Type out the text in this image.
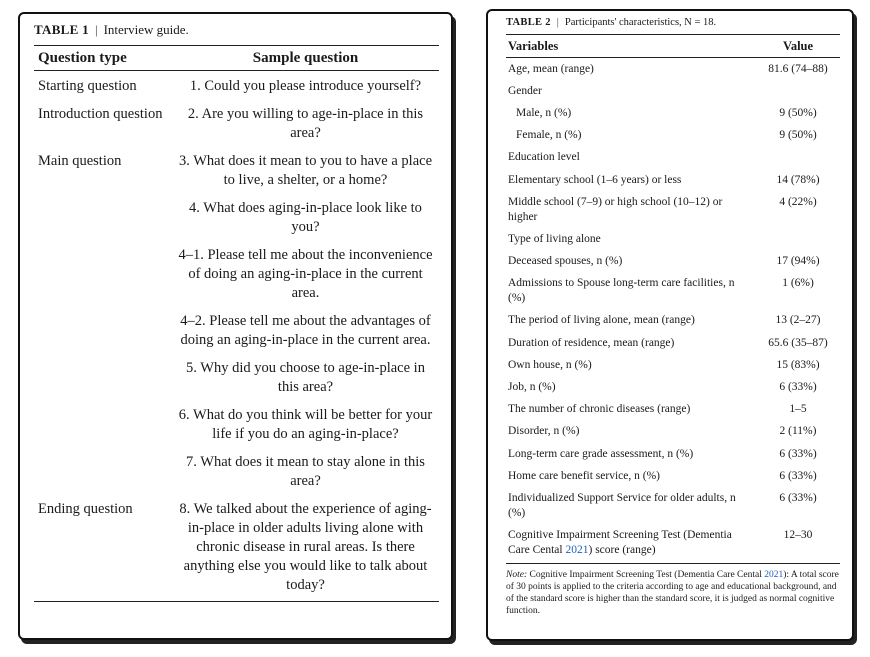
TABLE 1 | Interview guide.
Question type	Sample question
Starting question	1. Could you please introduce yourself?
Introduction question	2. Are you willing to age-in-place in this area?
Main question	3. What does it mean to you to have a place to live, a shelter, or a home?
	4. What does aging-in-place look like to you?
	4–1. Please tell me about the inconvenience of doing an aging-in-place in the current area.
	4–2. Please tell me about the advantages of doing an aging-in-place in the current area.
	5. Why did you choose to age-in-place in this area?
	6. What do you think will be better for your life if you do an aging-in-place?
	7. What does it mean to stay alone in this area?
Ending question	8. We talked about the experience of aging-in-place in older adults living alone with chronic disease in rural areas. Is there anything else you would like to talk about today?
TABLE 2 | Participants' characteristics, N = 18.
Variables	Value
Age, mean (range)	81.6 (74–88)
Gender	
Male, n (%)	9 (50%)
Female, n (%)	9 (50%)
Education level	
Elementary school (1–6 years) or less	14 (78%)
Middle school (7–9) or high school (10–12) or higher	4 (22%)
Type of living alone	
Deceased spouses, n (%)	17 (94%)
Admissions to Spouse long-term care facilities, n (%)	1 (6%)
The period of living alone, mean (range)	13 (2–27)
Duration of residence, mean (range)	65.6 (35–87)
Own house, n (%)	15 (83%)
Job, n (%)	6 (33%)
The number of chronic diseases (range)	1–5
Disorder, n (%)	2 (11%)
Long-term care grade assessment, n (%)	6 (33%)
Home care benefit service, n (%)	6 (33%)
Individualized Support Service for older adults, n (%)	6 (33%)
Cognitive Impairment Screening Test (Dementia Care Cental 2021) score (range)	12–30
Note: Cognitive Impairment Screening Test (Dementia Care Cental 2021): A total score of 30 points is applied to the criteria according to age and educational background, and of the standard score is higher than the standard score, it is judged as normal cognitive function.
